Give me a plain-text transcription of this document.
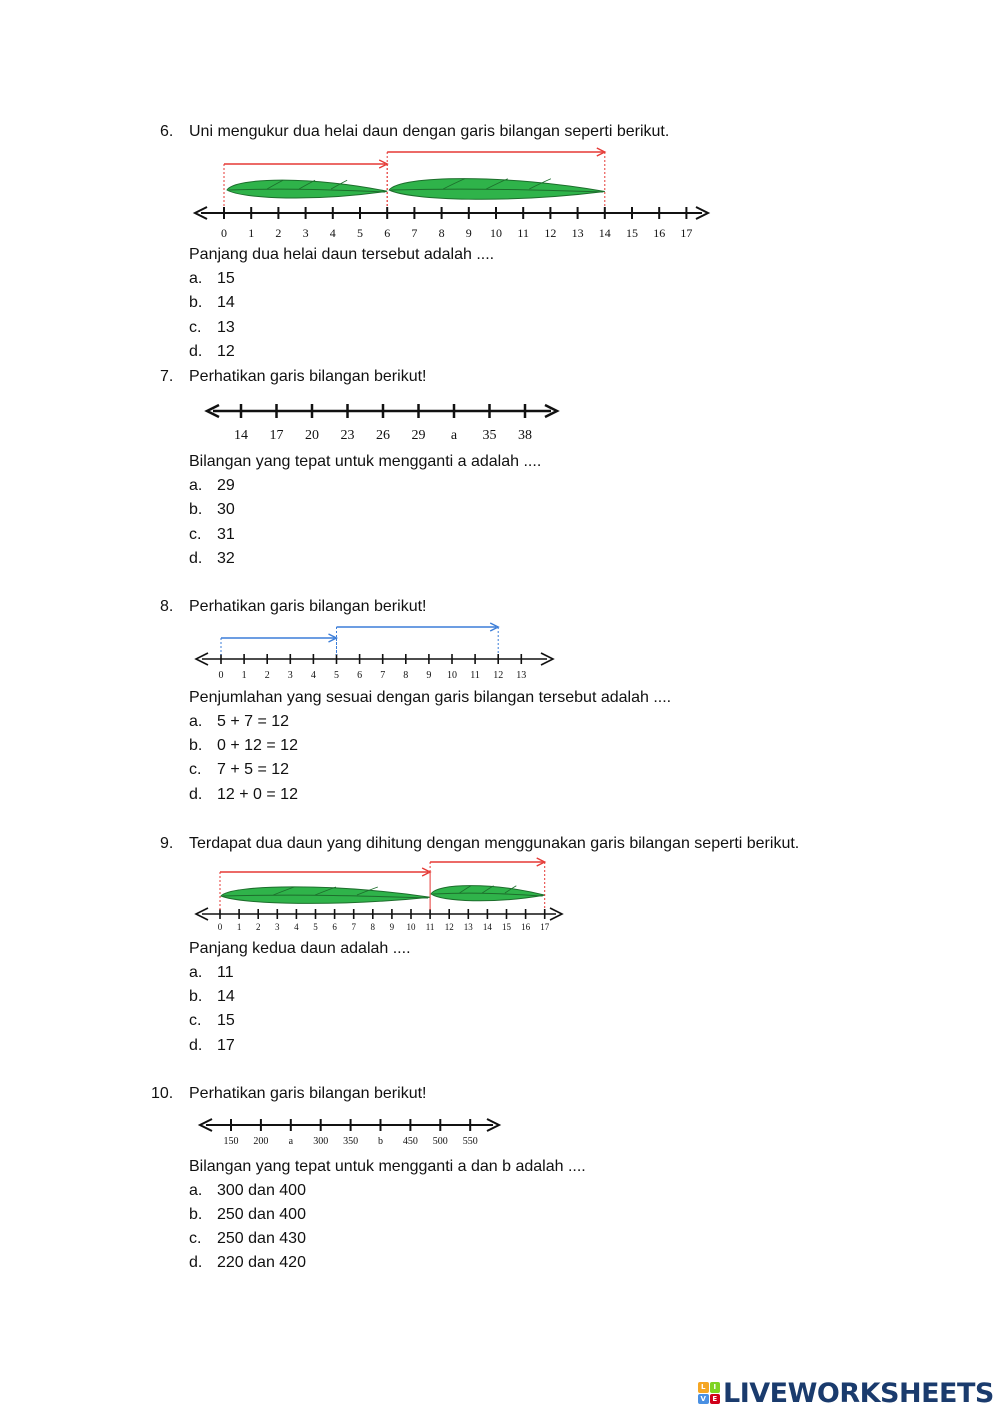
6. Uni mengukur dua helai daun dengan garis bilangan seperti berikut.
0 1 2 3 4 5 6 7 8 9 10 11 12 13 14 15 16 17
Panjang dua helai daun tersebut adalah ....
a. 15
b. 14
c. 13
d. 12
7. Perhatikan garis bilangan berikut!
14 17 20 23 26 29 a 35 38
Bilangan yang tepat untuk mengganti a adalah ....
a. 29
b. 30
c. 31
d. 32
8. Perhatikan garis bilangan berikut!
0 1 2 3 4 5 6 7 8 9 10 11 12 13
Penjumlahan yang sesuai dengan garis bilangan tersebut adalah ....
a. 5 + 7 = 12
b. 0 + 12 = 12
c. 7 + 5 = 12
d. 12 + 0 = 12
9. Terdapat dua daun yang dihitung dengan menggunakan garis bilangan seperti berikut.
0 1 2 3 4 5 6 7 8 9 10 11 12 13 14 15 16 17
Panjang kedua daun adalah ....
a. 11
b. 14
c. 15
d. 17
10. Perhatikan garis bilangan berikut!
150 200 a 300 350 b 450 500 550
Bilangan yang tepat untuk mengganti a dan b adalah ....
a. 300 dan 400
b. 250 dan 400
c. 250 dan 430
d. 220 dan 420
L	I
V E LIVEWORKSHEETS
